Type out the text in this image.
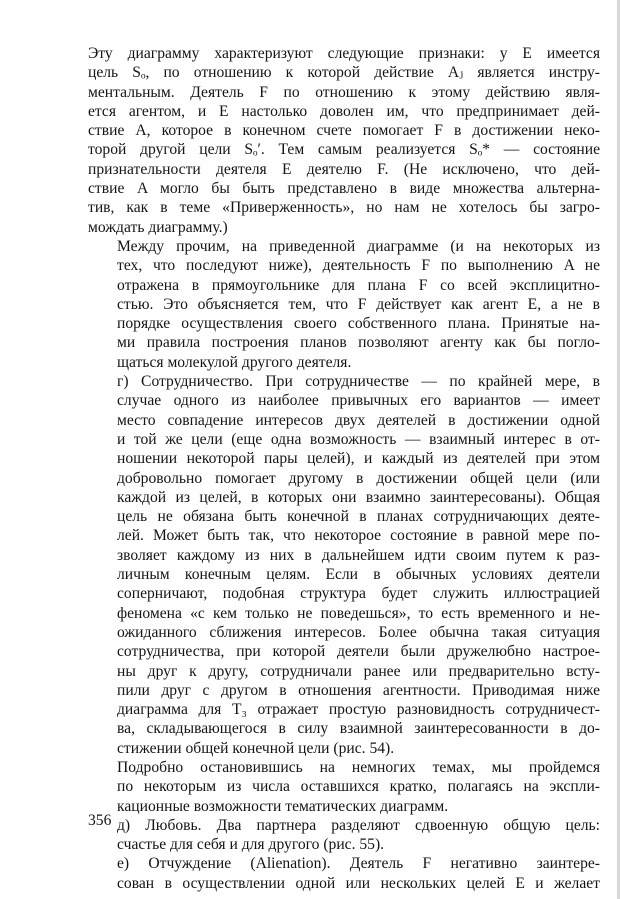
Эту диаграмму характеризуют следующие признаки: у E имеется
цель Sₒ, по отношению к которой действие Aⱼ является инстру-
ментальным. Деятель F по отношению к этому действию явля-
ется агентом, и E настолько доволен им, что предпринимает дей-
ствие A, которое в конечном счете помогает F в достижении некo-
торой другой цели Sₒ′. Тем самым реализуется Sₒ* — состояние
признательности деятеля E деятелю F. (Не исключено, что дей-
ствие A могло бы быть представлено в виде множества альтерна-
тив, как в теме «Приверженность», но нам не хотелось бы загро-
мождать диаграмму.)

Между прочим, на приведенной диаграмме (и на некоторых из
тех, что последуют ниже), деятельность F по выполнению A не
отражена в прямоугольнике для плана F со всей эксплицитно-
стью. Это объясняется тем, что F действует как агент E, а не в
порядке осуществления своего собственного плана. Принятые на-
ми правила построения планов позволяют агенту как бы погло-
щаться молекулой другого деятеля.

г) Сотрудничество. При сотрудничестве — по крайней мере, в
случае одного из наиболее привычных его вариантов — имеет
место совпадение интересов двух деятелей в достижении одной
и той же цели (еще одна возможность — взаимный интерес в от-
ношении некоторой пары целей), и каждый из деятелей при этом
добровольно помогает другому в достижении общей цели (или
каждой из целей, в которых они взаимно заинтересованы). Общая
цель не обязана быть конечной в планах сотрудничающих деяте-
лей. Может быть так, что некоторое состояние в равной мере по-
зволяет каждому из них в дальнейшем идти своим путем к раз-
личным конечным целям. Если в обычных условиях деятели
соперничают, подобная структура будет служить иллюстрацией
феномена «с кем только не поведешься», то есть временного и не-
ожиданного сближения интересов. Более обычна такая ситуация
сотрудничества, при которой деятели были дружелюбно настрое-
ны друг к другу, сотрудничали ранее или предварительно всту-
пили друг с другом в отношения агентности. Приводимая ниже
диаграмма для T₃ отражает простую разновидность сотрудничест-
ва, складывающегося в силу взаимной заинтересованности в до-
стижении общей конечной цели (рис. 54).

Подробно остановившись на немногих темах, мы пройдемся
по некоторым из числа оставшихся кратко, полагаясь на экспли-
кационные возможности тематических диаграмм.

д) Любовь. Два партнера разделяют сдвоенную общую цель:
счастье для себя и для другого (рис. 55).

е) Отчуждение (Alienation). Деятель F негативно заинтере-
сован в осуществлении одной или нескольких целей E и желает

356
